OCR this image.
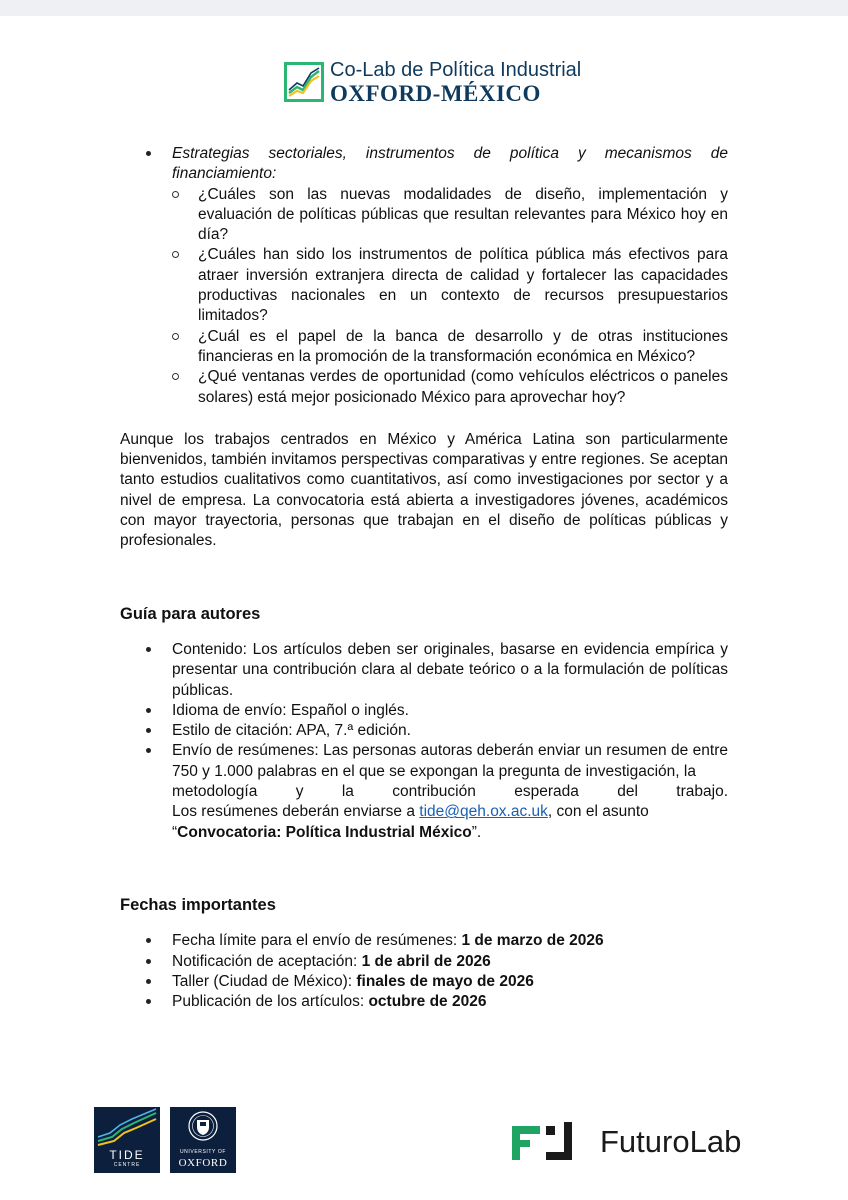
Co-Lab de Política Industrial
OXFORD-MÉXICO
Estrategias sectoriales, instrumentos de política y mecanismos de financiamiento:
¿Cuáles son las nuevas modalidades de diseño, implementación y evaluación de políticas públicas que resultan relevantes para México hoy en día?
¿Cuáles han sido los instrumentos de política pública más efectivos para atraer inversión extranjera directa de calidad y fortalecer las capacidades productivas nacionales en un contexto de recursos presupuestarios limitados?
¿Cuál es el papel de la banca de desarrollo y de otras instituciones financieras en la promoción de la transformación económica en México?
¿Qué ventanas verdes de oportunidad (como vehículos eléctricos o paneles solares) está mejor posicionado México para aprovechar hoy?

Aunque los trabajos centrados en México y América Latina son particularmente bienvenidos, también invitamos perspectivas comparativas y entre regiones. Se aceptan tanto estudios cualitativos como cuantitativos, así como investigaciones por sector y a nivel de empresa. La convocatoria está abierta a investigadores jóvenes, académicos con mayor trayectoria, personas que trabajan en el diseño de políticas públicas y profesionales.

Guía para autores
Contenido: Los artículos deben ser originales, basarse en evidencia empírica y presentar una contribución clara al debate teórico o a la formulación de políticas públicas.
Idioma de envío: Español o inglés.
Estilo de citación: APA, 7.ª edición.
Envío de resúmenes: Las personas autoras deberán enviar un resumen de entre 750 y 1.000 palabras en el que se expongan la pregunta de investigación, la
metodología y la contribución esperada del trabajo.
Los resúmenes deberán enviarse a tide@qeh.ox.ac.uk, con el asunto
“Convocatoria: Política Industrial México”.
Fechas importantes
Fecha límite para el envío de resúmenes: 1 de marzo de 2026
Notificación de aceptación: 1 de abril de 2026
Taller (Ciudad de México): finales de mayo de 2026
Publicación de los artículos: octubre de 2026
TIDE
CENTRE
UNIVERSITY OF
OXFORD
FuturoLab
